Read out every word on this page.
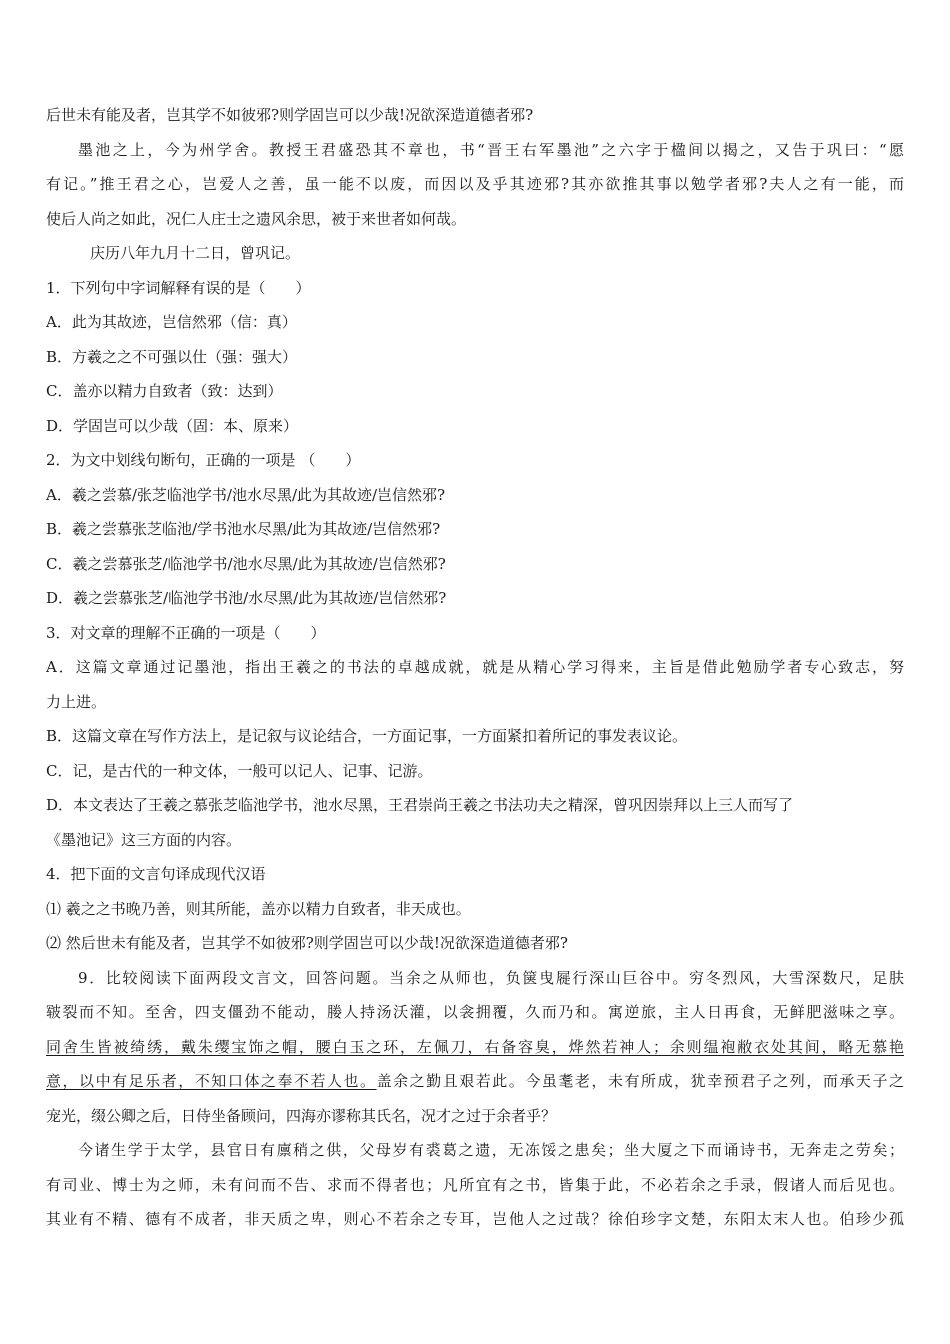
后世未有能及者，岂其学不如彼邪?则学固岂可以少哉!况欲深造道德者邪?
墨池之上，今为州学舍。教授王君盛恐其不章也，书“晋王右军墨池”之六字于楹间以揭之，又告于巩曰：“愿
有记。”推王君之心，岂爱人之善，虽一能不以废，而因以及乎其迹邪?其亦欲推其事以勉学者邪?夫人之有一能，而
使后人尚之如此，况仁人庄士之遗风余思，被于来世者如何哉。
庆历八年九月十二日，曾巩记。
1．下列句中字词解释有误的是（　　）
A．此为其故迹，岂信然邪（信：真）
B．方羲之之不可强以仕（强：强大）
C．盖亦以精力自致者（致：达到）
D．学固岂可以少哉（固：本、原来）
2．为文中划线句断句，正确的一项是 （　　）
A．羲之尝慕/张芝临池学书/池水尽黑/此为其故迹/岂信然邪?
B．羲之尝慕张芝临池/学书池水尽黑/此为其故迹/岂信然邪?
C．羲之尝慕张芝/临池学书/池水尽黑/此为其故迹/岂信然邪?
D．羲之尝慕张芝/临池学书池/水尽黑/此为其故迹/岂信然邪?
3．对文章的理解不正确的一项是（　　）
A．这篇文章通过记墨池，指出王羲之的书法的卓越成就，就是从精心学习得来，主旨是借此勉励学者专心致志，努
力上进。
B．这篇文章在写作方法上，是记叙与议论结合，一方面记事，一方面紧扣着所记的事发表议论。
C．记，是古代的一种文体，一般可以记人、记事、记游。
D．本文表达了王羲之慕张芝临池学书，池水尽黑，王君崇尚王羲之书法功夫之精深，曾巩因崇拜以上三人而写了
《墨池记》这三方面的内容。
4．把下面的文言句译成现代汉语
⑴ 羲之之书晚乃善，则其所能，盖亦以精力自致者，非天成也。
⑵ 然后世未有能及者，岂其学不如彼邪?则学固岂可以少哉!况欲深造道德者邪?
9．比较阅读下面两段文言文，回答问题。当余之从师也，负箧曳屣行深山巨谷中。穷冬烈风，大雪深数尺，足肤
皲裂而不知。至舍，四支僵劲不能动，媵人持汤沃灌，以衾拥覆，久而乃和。寓逆旅，主人日再食，无鲜肥滋味之享。
同舍生皆被绮绣，戴朱缨宝饰之帽，腰白玉之环，左佩刀，右备容臭，烨然若神人；余则缊袍敝衣处其间，略无慕艳
意，以中有足乐者，不知口体之奉不若人也。盖余之勤且艰若此。今虽耄老，未有所成，犹幸预君子之列，而承天子之
宠光，缀公卿之后，日侍坐备顾问，四海亦谬称其氏名，况才之过于余者乎？
今诸生学于太学，县官日有廪稍之供，父母岁有裘葛之遗，无冻馁之患矣；坐大厦之下而诵诗书，无奔走之劳矣；
有司业、博士为之师，未有问而不告、求而不得者也；凡所宜有之书，皆集于此，不必若余之手录，假诸人而后见也。
其业有不精、德有不成者，非天质之卑，则心不若余之专耳，岂他人之过哉？徐伯珍字文楚，东阳太末人也。伯珍少孤
